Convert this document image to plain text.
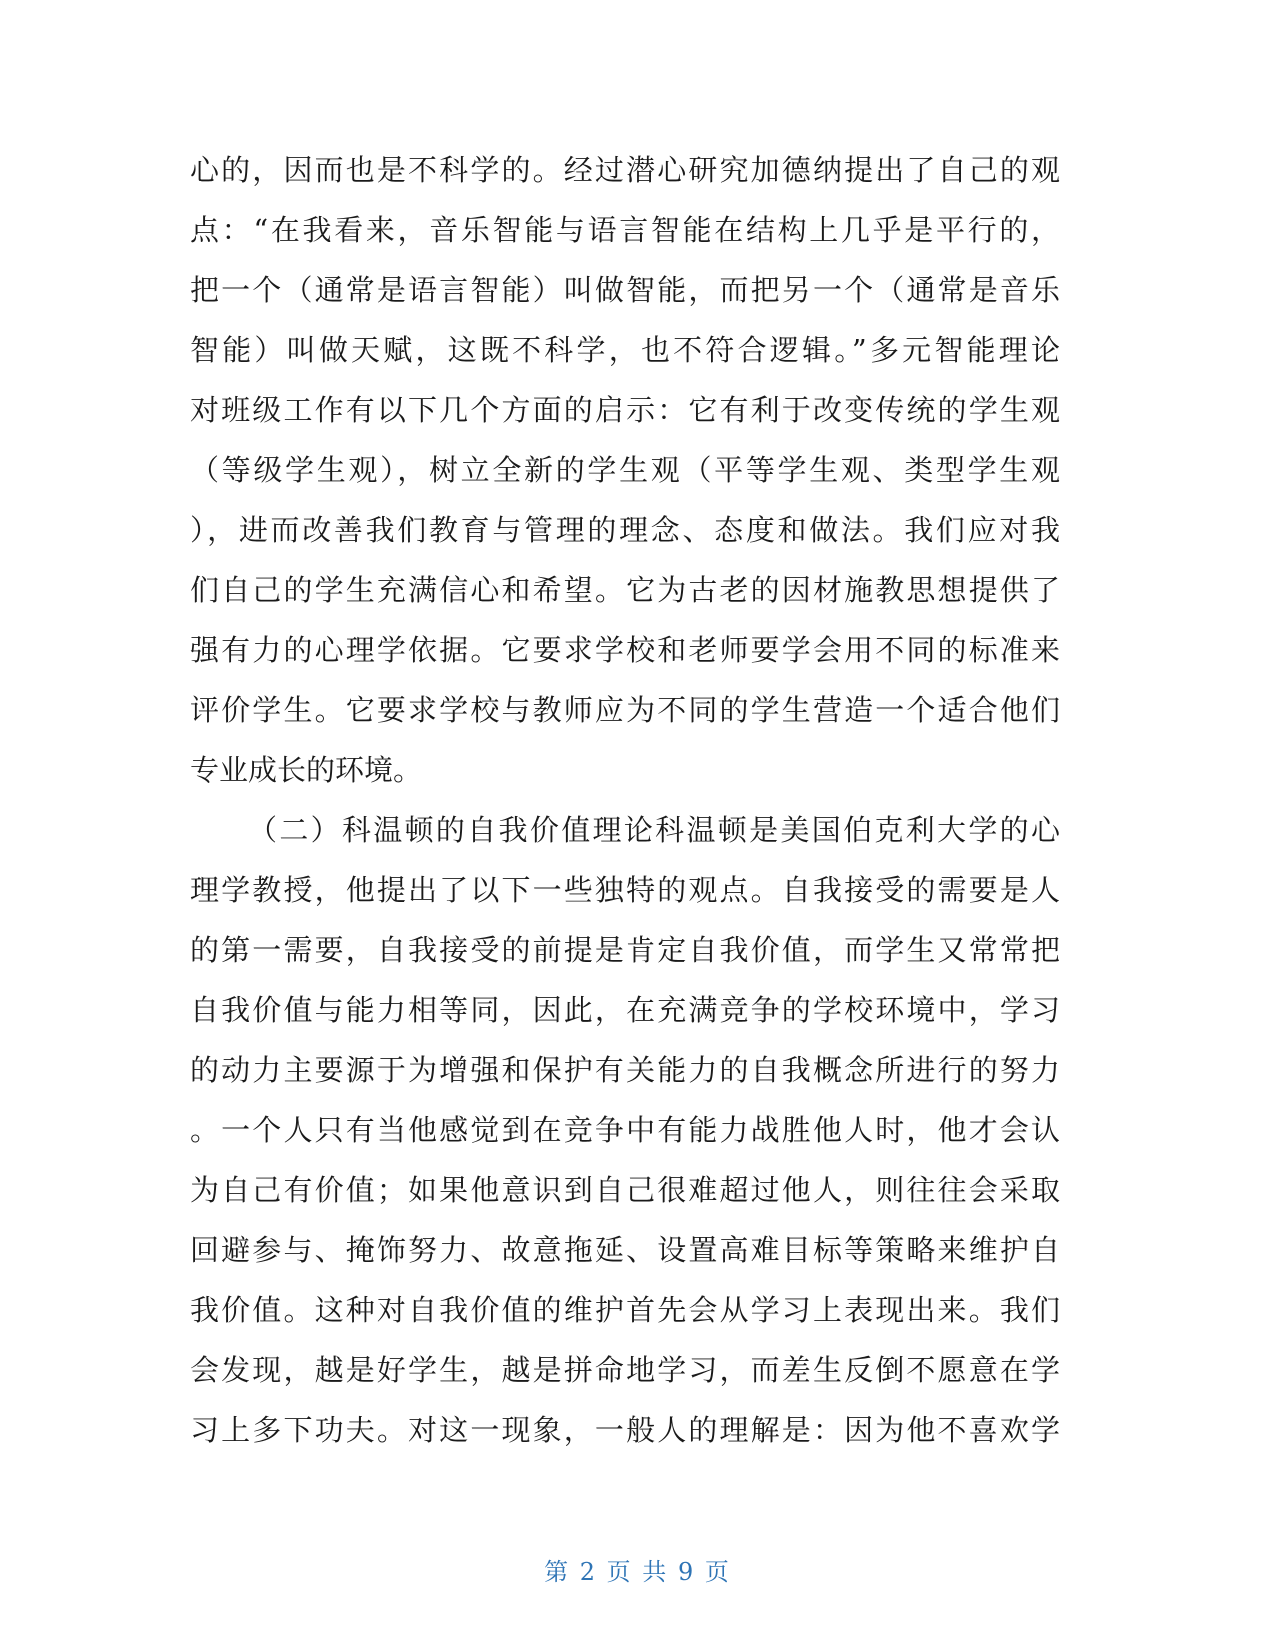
心的，因而也是不科学的。经过潜心研究加德纳提出了自己的观
点：“在我看来，音乐智能与语言智能在结构上几乎是平行的，
把一个（通常是语言智能）叫做智能，而把另一个（通常是音乐
智能）叫做天赋，这既不科学，也不符合逻辑。”多元智能理论
对班级工作有以下几个方面的启示：它有利于改变传统的学生观
（等级学生观），树立全新的学生观（平等学生观、类型学生观
），进而改善我们教育与管理的理念、态度和做法。我们应对我
们自己的学生充满信心和希望。它为古老的因材施教思想提供了
强有力的心理学依据。它要求学校和老师要学会用不同的标准来
评价学生。它要求学校与教师应为不同的学生营造一个适合他们
专业成长的环境。
（二）科温顿的自我价值理论科温顿是美国伯克利大学的心
理学教授，他提出了以下一些独特的观点。自我接受的需要是人
的第一需要，自我接受的前提是肯定自我价值，而学生又常常把
自我价值与能力相等同，因此，在充满竞争的学校环境中，学习
的动力主要源于为增强和保护有关能力的自我概念所进行的努力
。一个人只有当他感觉到在竞争中有能力战胜他人时，他才会认
为自己有价值；如果他意识到自己很难超过他人，则往往会采取
回避参与、掩饰努力、故意拖延、设置高难目标等策略来维护自
我价值。这种对自我价值的维护首先会从学习上表现出来。我们
会发现，越是好学生，越是拼命地学习，而差生反倒不愿意在学
习上多下功夫。对这一现象，一般人的理解是：因为他不喜欢学
第 2 页 共 9 页
